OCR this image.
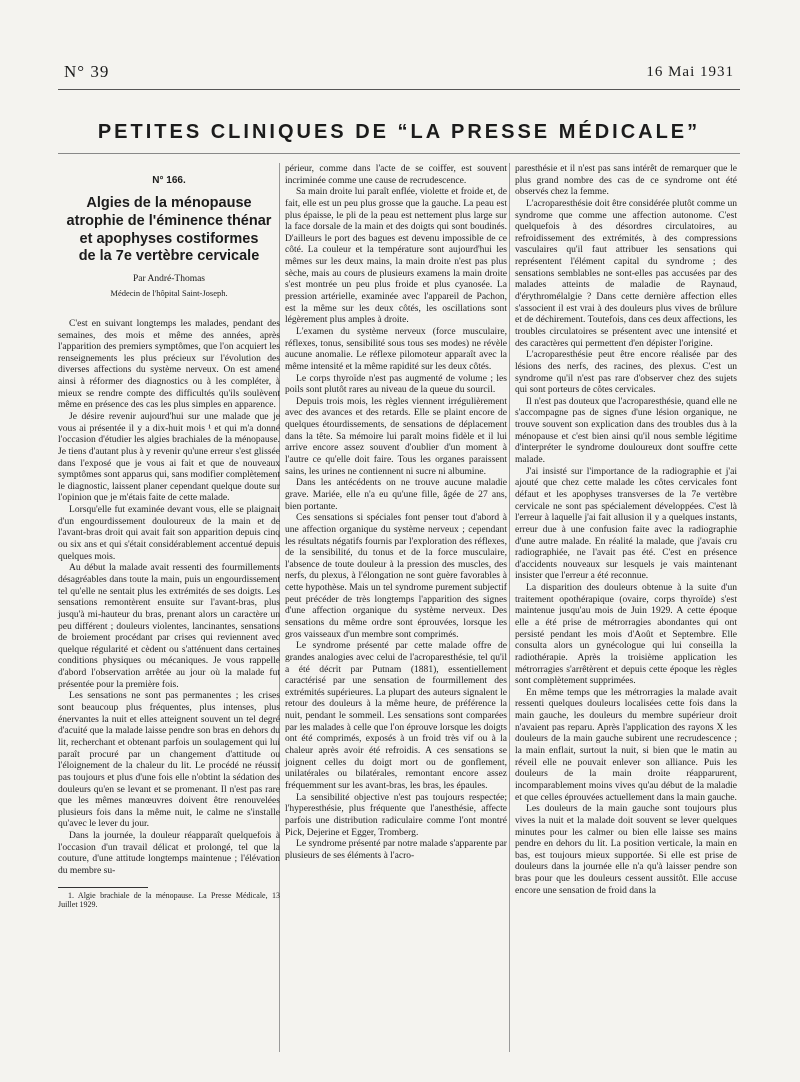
N° 39	16 Mai 1931
PETITES CLINIQUES DE “LA PRESSE MÉDICALE”
N° 166.
Algies de la ménopause
atrophie de l'éminence thénar
et apophyses costiformes
de la 7e vertèbre cervicale
Par André-Thomas
Médecin de l'hôpital Saint-Joseph.

C'est en suivant longtemps les malades, pendant des semaines, des mois et même des années, après l'apparition des premiers symptômes, que l'on acquiert les renseignements les plus précieux sur l'évolution des diverses affections du système nerveux. On est amené ainsi à réformer des diagnostics ou à les compléter, à mieux se rendre compte des difficultés qu'ils soulèvent même en présence des cas les plus simples en apparence.

Je désire revenir aujourd'hui sur une malade que je vous ai présentée il y a dix-huit mois ¹ et qui m'a donné l'occasion d'étudier les algies brachiales de la ménopause. Je tiens d'autant plus à y revenir qu'une erreur s'est glissée dans l'exposé que je vous ai fait et que de nouveaux symptômes sont apparus qui, sans modifier complètement le diagnostic, laissent planer cependant quelque doute sur l'opinion que je m'étais faite de cette malade.

Lorsqu'elle fut examinée devant vous, elle se plaignait d'un engourdissement douloureux de la main et de l'avant-bras droit qui avait fait son apparition depuis cinq ou six ans et qui s'était considérablement accentué depuis quelques mois.

Au début la malade avait ressenti des fourmillements désagréables dans toute la main, puis un engourdissement tel qu'elle ne sentait plus les extrémités de ses doigts. Les sensations remontèrent ensuite sur l'avant-bras, plus jusqu'à mi-hauteur du bras, prenant alors un caractère un peu différent ; douleurs violentes, lancinantes, sensations de broiement procédant par crises qui reviennent avec quelque régularité et cèdent ou s'atténuent dans certaines conditions physiques ou mécaniques. Je vous rappelle d'abord l'observation arrêtée au jour où la malade fut présentée pour la première fois.

Les sensations ne sont pas permanentes ; les crises sont beaucoup plus fréquentes, plus intenses, plus énervantes la nuit et elles atteignent souvent un tel degré d'acuité que la malade laisse pendre son bras en dehors du lit, recherchant et obtenant parfois un soulagement qui lui paraît procuré par un changement d'attitude ou l'éloignement de la chaleur du lit. Le procédé ne réussit pas toujours et plus d'une fois elle n'obtint la sédation des douleurs qu'en se levant et se promenant. Il n'est pas rare que les mêmes manœuvres doivent être renouvelées plusieurs fois dans la même nuit, le calme ne s'installe qu'avec le lever du jour.

Dans la journée, la douleur réapparaît quelquefois à l'occasion d'un travail délicat et prolongé, tel que la couture, d'une attitude longtemps maintenue ; l'élévation du membre su-

1. Algie brachiale de la ménopause. La Presse Médicale, 13 Juillet 1929.

périeur, comme dans l'acte de se coiffer, est souvent incriminée comme une cause de recrudescence.

Sa main droite lui paraît enflée, violette et froide et, de fait, elle est un peu plus grosse que la gauche. La peau est plus épaisse, le pli de la peau est nettement plus large sur la face dorsale de la main et des doigts qui sont boudinés. D'ailleurs le port des bagues est devenu impossible de ce côté. La couleur et la température sont aujourd'hui les mêmes sur les deux mains, la main droite n'est pas plus sèche, mais au cours de plusieurs examens la main droite s'est montrée un peu plus froide et plus cyanosée. La pression artérielle, examinée avec l'appareil de Pachon, est la même sur les deux côtés, les oscillations sont légèrement plus amples à droite.

L'examen du système nerveux (force musculaire, réflexes, tonus, sensibilité sous tous ses modes) ne révèle aucune anomalie. Le réflexe pilomoteur apparaît avec la même intensité et la même rapidité sur les deux côtés.

Le corps thyroïde n'est pas augmenté de volume ; les poils sont plutôt rares au niveau de la queue du sourcil.

Depuis trois mois, les règles viennent irrégulièrement avec des avances et des retards. Elle se plaint encore de quelques étourdissements, de sensations de déplacement dans la tête. Sa mémoire lui paraît moins fidèle et il lui arrive encore assez souvent d'oublier d'un moment à l'autre ce qu'elle doit faire. Tous les organes paraissent sains, les urines ne contiennent ni sucre ni albumine.

Dans les antécédents on ne trouve aucune maladie grave. Mariée, elle n'a eu qu'une fille, âgée de 27 ans, bien portante.

Ces sensations si spéciales font penser tout d'abord à une affection organique du système nerveux ; cependant les résultats négatifs fournis par l'exploration des réflexes, de la sensibilité, du tonus et de la force musculaire, l'absence de toute douleur à la pression des muscles, des nerfs, du plexus, à l'élongation ne sont guère favorables à cette hypothèse. Mais un tel syndrome purement subjectif peut précéder de très longtemps l'apparition des signes d'une affection organique du système nerveux. Des sensations du même ordre sont éprouvées, lorsque les gros vaisseaux d'un membre sont comprimés.

Le syndrome présenté par cette malade offre de grandes analogies avec celui de l'acroparesthésie, tel qu'il a été décrit par Putnam (1881), essentiellement caractérisé par une sensation de fourmillement des extrémités supérieures. La plupart des auteurs signalent le retour des douleurs à la même heure, de préférence la nuit, pendant le sommeil. Les sensations sont comparées par les malades à celle que l'on éprouve lorsque les doigts ont été comprimés, exposés à un froid très vif ou à la chaleur après avoir été refroidis. A ces sensations se joignent celles du doigt mort ou de gonflement, unilatérales ou bilatérales, remontant encore assez fréquemment sur les avant-bras, les bras, les épaules.

La sensibilité objective n'est pas toujours respectée; l'hyperesthésie, plus fréquente que l'anesthésie, affecte parfois une distribution radiculaire comme l'ont montré Pick, Dejerine et Egger, Tromberg.

Le syndrome présenté par notre malade s'apparente par plusieurs de ses éléments à l'acro-

paresthésie et il n'est pas sans intérêt de remarquer que le plus grand nombre des cas de ce syndrome ont été observés chez la femme.

L'acroparesthésie doit être considérée plutôt comme un syndrome que comme une affection autonome. C'est quelquefois à des désordres circulatoires, au refroidissement des extrémités, à des compressions vasculaires qu'il faut attribuer les sensations qui représentent l'élément capital du syndrome ; des sensations semblables ne sont-elles pas accusées par des malades atteints de maladie de Raynaud, d'érythromélalgie ? Dans cette dernière affection elles s'associent il est vrai à des douleurs plus vives de brûlure et de déchirement. Toutefois, dans ces deux affections, les troubles circulatoires se présentent avec une intensité et des caractères qui permettent d'en dépister l'origine.

L'acroparesthésie peut être encore réalisée par des lésions des nerfs, des racines, des plexus. C'est un syndrome qu'il n'est pas rare d'observer chez des sujets qui sont porteurs de côtes cervicales.

Il n'est pas douteux que l'acroparesthésie, quand elle ne s'accompagne pas de signes d'une lésion organique, ne trouve souvent son explication dans des troubles dus à la ménopause et c'est bien ainsi qu'il nous semble légitime d'interpréter le syndrome douloureux dont souffre cette malade.

J'ai insisté sur l'importance de la radiographie et j'ai ajouté que chez cette malade les côtes cervicales font défaut et les apophyses transverses de la 7e vertèbre cervicale ne sont pas spécialement développées. C'est là l'erreur à laquelle j'ai fait allusion il y a quelques instants, erreur due à une confusion faite avec la radiographie d'une autre malade. En réalité la malade, que j'avais cru radiographiée, ne l'avait pas été. C'est en présence d'accidents nouveaux sur lesquels je vais maintenant insister que l'erreur a été reconnue.

La disparition des douleurs obtenue à la suite d'un traitement opothérapique (ovaire, corps thyroïde) s'est maintenue jusqu'au mois de Juin 1929. A cette époque elle a été prise de métrorragies abondantes qui ont persisté pendant les mois d'Août et Septembre. Elle consulta alors un gynécologue qui lui conseilla la radiothérapie. Après la troisième application les métrorragies s'arrêtèrent et depuis cette époque les règles sont complètement supprimées.

En même temps que les métrorragies la malade avait ressenti quelques douleurs localisées cette fois dans la main gauche, les douleurs du membre supérieur droit n'avaient pas reparu. Après l'application des rayons X les douleurs de la main gauche subirent une recrudescence ; la main enflait, surtout la nuit, si bien que le matin au réveil elle ne pouvait enlever son alliance. Puis les douleurs de la main droite réapparurent, incomparablement moins vives qu'au début de la maladie et que celles éprouvées actuellement dans la main gauche.

Les douleurs de la main gauche sont toujours plus vives la nuit et la malade doit souvent se lever quelques minutes pour les calmer ou bien elle laisse ses mains pendre en dehors du lit. La position verticale, la main en bas, est toujours mieux supportée. Si elle est prise de douleurs dans la journée elle n'a qu'à laisser pendre son bras pour que les douleurs cessent aussitôt. Elle accuse encore une sensation de froid dans la
